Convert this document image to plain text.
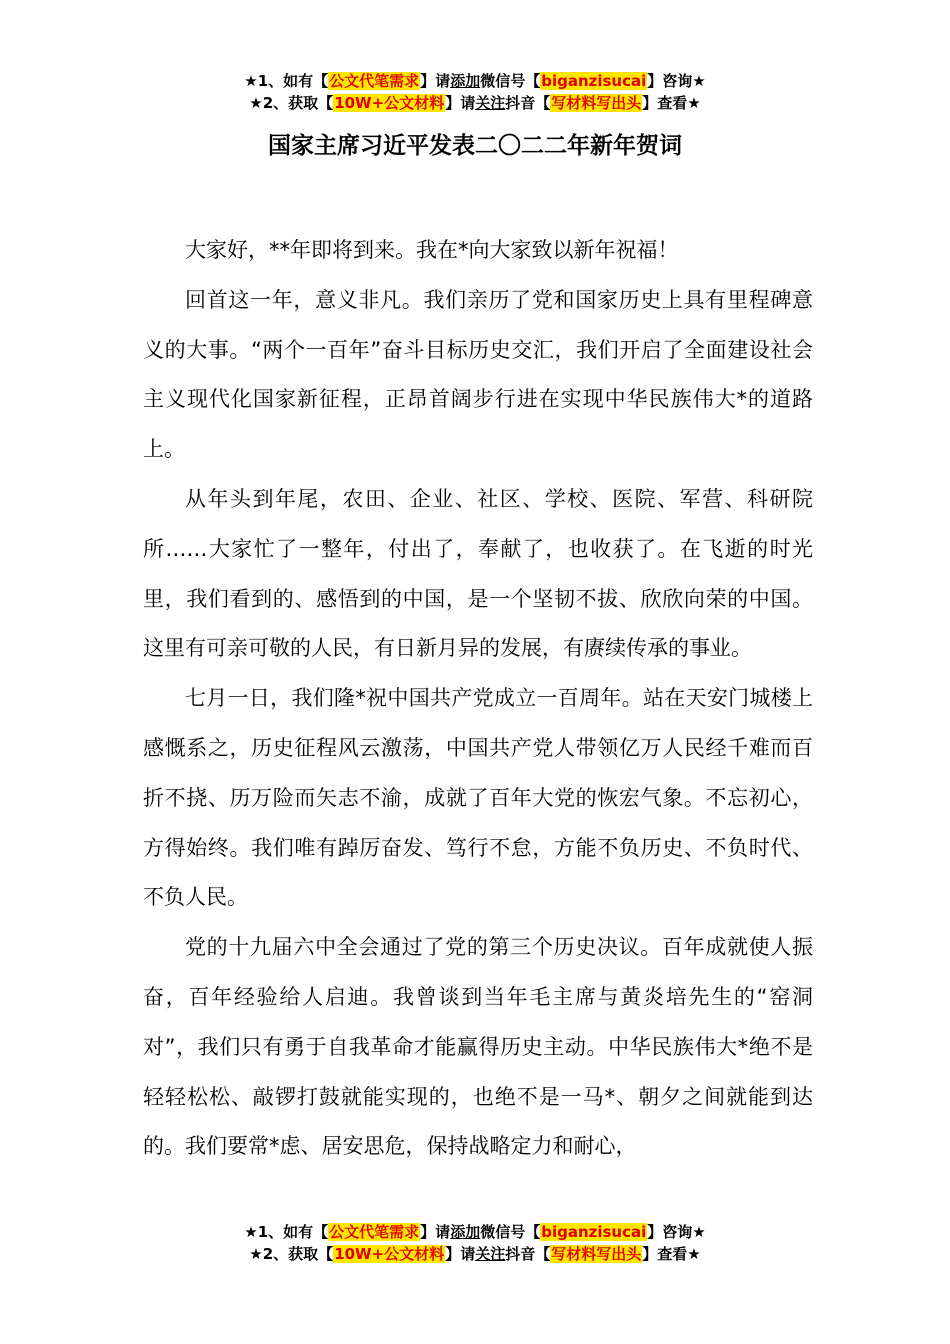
★1、如有【公文代笔需求】请添加微信号【biganzisucai】咨询★
★2、获取【10W+公文材料】请关注抖音【写材料写出头】查看★
国家主席习近平发表二〇二二年新年贺词

大家好，**年即将到来。我在*向大家致以新年祝福！

回首这一年，意义非凡。我们亲历了党和国家历史上具有里程碑意义的大事。“两个一百年”奋斗目标历史交汇，我们开启了全面建设社会主义现代化国家新征程，正昂首阔步行进在实现中华民族伟大*的道路上。

从年头到年尾，农田、企业、社区、学校、医院、军营、科研院所……大家忙了一整年，付出了，奉献了，也收获了。在飞逝的时光里，我们看到的、感悟到的中国，是一个坚韧不拔、欣欣向荣的中国。这里有可亲可敬的人民，有日新月异的发展，有赓续传承的事业。

七月一日，我们隆*祝中国共产党成立一百周年。站在天安门城楼上感慨系之，历史征程风云激荡，中国共产党人带领亿万人民经千难而百折不挠、历万险而矢志不渝，成就了百年大党的恢宏气象。不忘初心，方得始终。我们唯有踔厉奋发、笃行不怠，方能不负历史、不负时代、不负人民。

党的十九届六中全会通过了党的第三个历史决议。百年成就使人振奋，百年经验给人启迪。我曾谈到当年毛主席与黄炎培先生的“窑洞对”，我们只有勇于自我革命才能赢得历史主动。中华民族伟大*绝不是轻轻松松、敲锣打鼓就能实现的，也绝不是一马*、朝夕之间就能到达的。我们要常*虑、居安思危，保持战略定力和耐心，

★1、如有【公文代笔需求】请添加微信号【biganzisucai】咨询★
★2、获取【10W+公文材料】请关注抖音【写材料写出头】查看★
